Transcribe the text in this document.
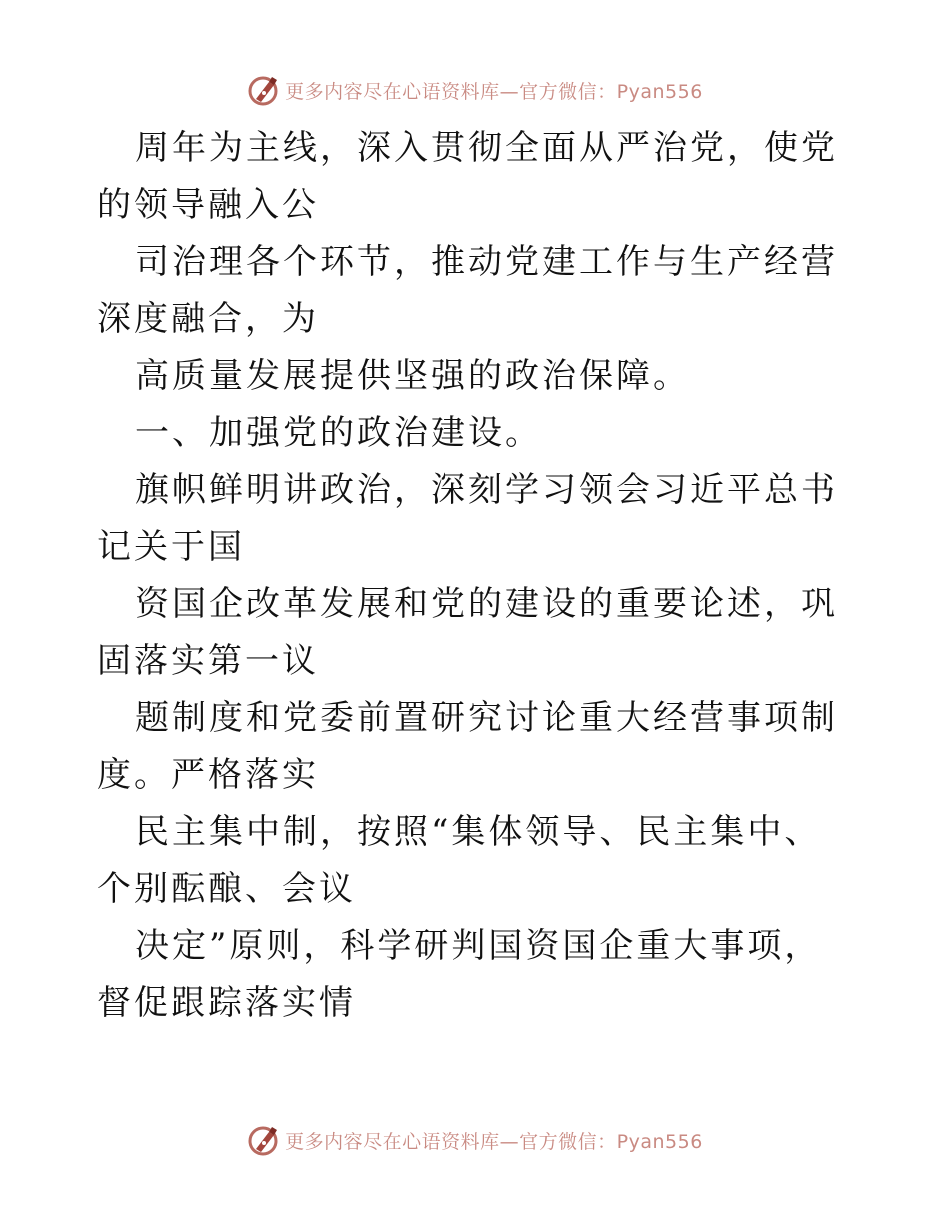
更多内容尽在心语资料库—官方微信：Pyan556

周年为主线，深入贯彻全面从严治党，使党的领导融入公

司治理各个环节，推动党建工作与生产经营深度融合，为

高质量发展提供坚强的政治保障。

一、加强党的政治建设。

旗帜鲜明讲政治，深刻学习领会习近平总书记关于国

资国企改革发展和党的建设的重要论述，巩固落实第一议

题制度和党委前置研究讨论重大经营事项制度。严格落实

民主集中制，按照“集体领导、民主集中、个别酝酿、会议

决定”原则，科学研判国资国企重大事项，督促跟踪落实情

更多内容尽在心语资料库—官方微信：Pyan556
